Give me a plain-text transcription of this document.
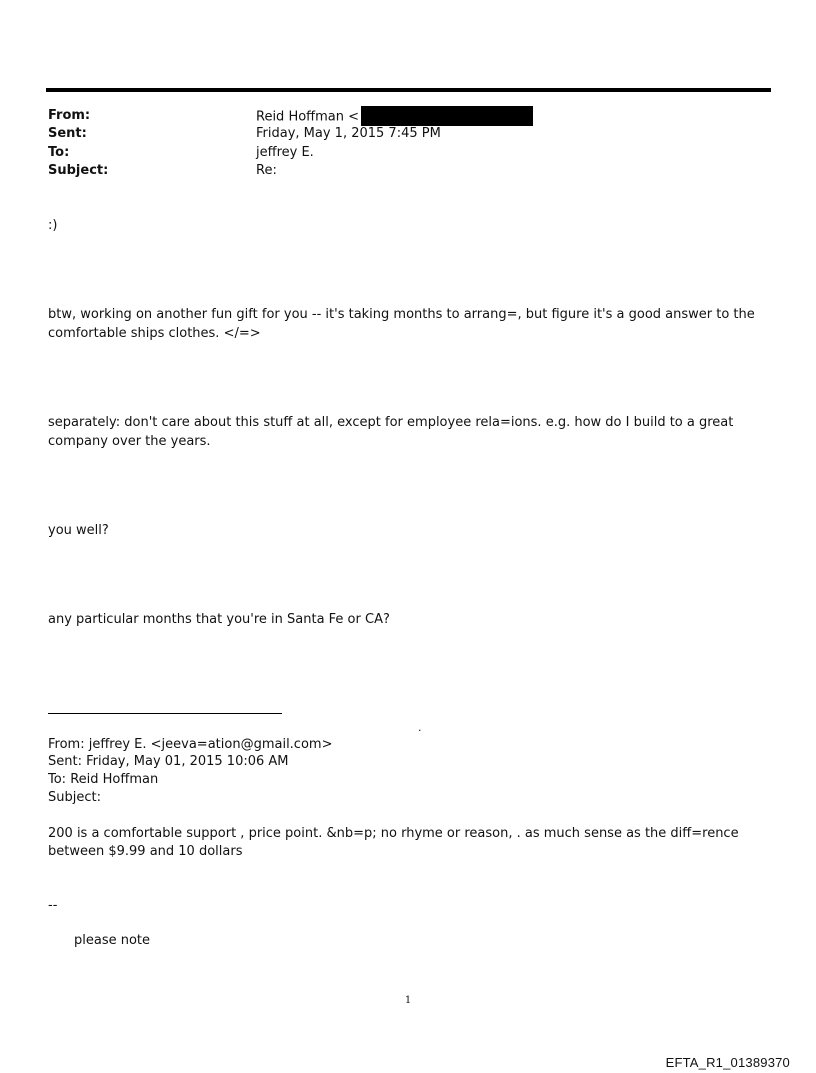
From:	Reid Hoffman <
Sent:	Friday, May 1, 2015 7:45 PM
To:	jeffrey E.
Subject:	Re:
:)
btw, working on another fun gift for you -- it's taking months to arrang=, but figure it's a good answer to the comfortable ships clothes. </=>
separately: don't care about this stuff at all, except for employee rela=ions. e.g. how do I build to a great company over the years.
you well?
any particular months that you're in Santa Fe or CA?
.
From: jeffrey E. <jeeva=ation@gmail.com>
Sent: Friday, May 01, 2015 10:06 AM
To: Reid Hoffman
Subject:
200 is a comfortable support , price point. &nb=p; no rhyme or reason, . as much sense as the diff=rence between $9.99 and 10 dollars
--
please note
1
EFTA_R1_01389370
